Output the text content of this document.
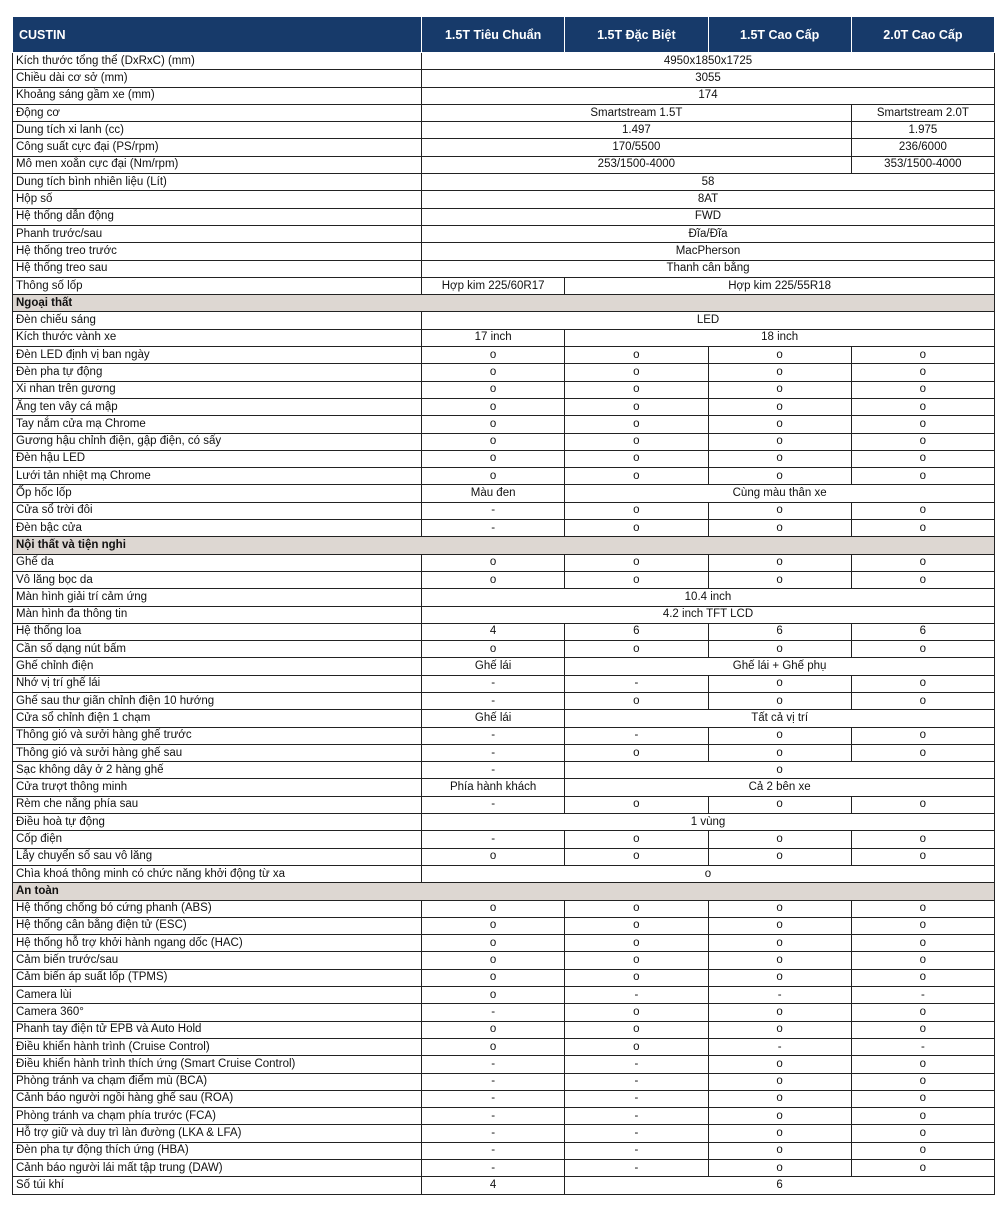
CUSTIN	1.5T Tiêu Chuẩn	1.5T Đặc Biệt	1.5T Cao Cấp	2.0T Cao Cấp
Kích thước tổng thể (DxRxC) (mm)	4950x1850x1725			
Chiều dài cơ sở (mm)	3055			
Khoảng sáng gầm xe (mm)	174			
Động cơ	Smartstream 1.5T			Smartstream 2.0T
Dung tích xi lanh (cc)	1.497			1.975
Công suất cực đại (PS/rpm)	170/5500			236/6000
Mô men xoắn cực đại (Nm/rpm)	253/1500-4000			353/1500-4000
Dung tích bình nhiên liệu (Lít)	58			
Hộp số	8AT			
Hệ thống dẫn động	FWD			
Phanh trước/sau	Đĩa/Đĩa			
Hệ thống treo trước	MacPherson			
Hệ thống treo sau	Thanh cân bằng			
Thông số lốp	Hợp kim 225/60R17	Hợp kim 225/55R18		
Ngoại thất				
Đèn chiếu sáng	LED			
Kích thước vành xe	17 inch	18 inch		
Đèn LED định vị ban ngày	o	o	o	o
Đèn pha tự động	o	o	o	o
Xi nhan trên gương	o	o	o	o
Ăng ten vây cá mập	o	o	o	o
Tay nắm cửa mạ Chrome	o	o	o	o
Gương hậu chỉnh điện, gập điện, có sấy	o	o	o	o
Đèn hậu LED	o	o	o	o
Lưới tản nhiệt mạ Chrome	o	o	o	o
Ốp hốc lốp	Màu đen	Cùng màu thân xe		
Cửa sổ trời đôi	-	o	o	o
Đèn bậc cửa	-	o	o	o
Nội thất và tiện nghi				
Ghế da	o	o	o	o
Vô lăng bọc da	o	o	o	o
Màn hình giải trí cảm ứng	10.4 inch			
Màn hình đa thông tin	4.2 inch TFT LCD			
Hệ thống loa	4	6	6	6
Cần số dạng nút bấm	o	o	o	o
Ghế chỉnh điện	Ghế lái	Ghế lái + Ghế phụ		
Nhớ vị trí ghế lái	-	-	o	o
Ghế sau thư giãn chỉnh điện 10 hướng	-	o	o	o
Cửa sổ chỉnh điện 1 chạm	Ghế lái	Tất cả vị trí		
Thông gió và sưởi hàng ghế trước	-	-	o	o
Thông gió và sưởi hàng ghế sau	-	o	o	o
Sạc không dây ở 2 hàng ghế	-	o		
Cửa trượt thông minh	Phía hành khách	Cả 2 bên xe		
Rèm che nắng phía sau	-	o	o	o
Điều hoà tự động	1 vùng			
Cốp điện	-	o	o	o
Lẫy chuyển số sau vô lăng	o	o	o	o
Chìa khoá thông minh có chức năng khởi động từ xa	o			
An toàn				
Hệ thống chống bó cứng phanh (ABS)	o	o	o	o
Hệ thống cân bằng điện tử (ESC)	o	o	o	o
Hệ thống hỗ trợ khởi hành ngang dốc (HAC)	o	o	o	o
Cảm biến trước/sau	o	o	o	o
Cảm biến áp suất lốp (TPMS)	o	o	o	o
Camera lùi	o	-	-	-
Camera 360°	-	o	o	o
Phanh tay điện tử EPB và Auto Hold	o	o	o	o
Điều khiển hành trình (Cruise Control)	o	o	-	-
Điều khiển hành trình thích ứng (Smart Cruise Control)	-	-	o	o
Phòng tránh va chạm điểm mù (BCA)	-	-	o	o
Cảnh báo người ngồi hàng ghế sau (ROA)	-	-	o	o
Phòng tránh va chạm phía trước (FCA)	-	-	o	o
Hỗ trợ giữ và duy trì làn đường (LKA & LFA)	-	-	o	o
Đèn pha tự động thích ứng (HBA)	-	-	o	o
Cảnh báo người lái mất tập trung (DAW)	-	-	o	o
Số túi khí	4	6		
